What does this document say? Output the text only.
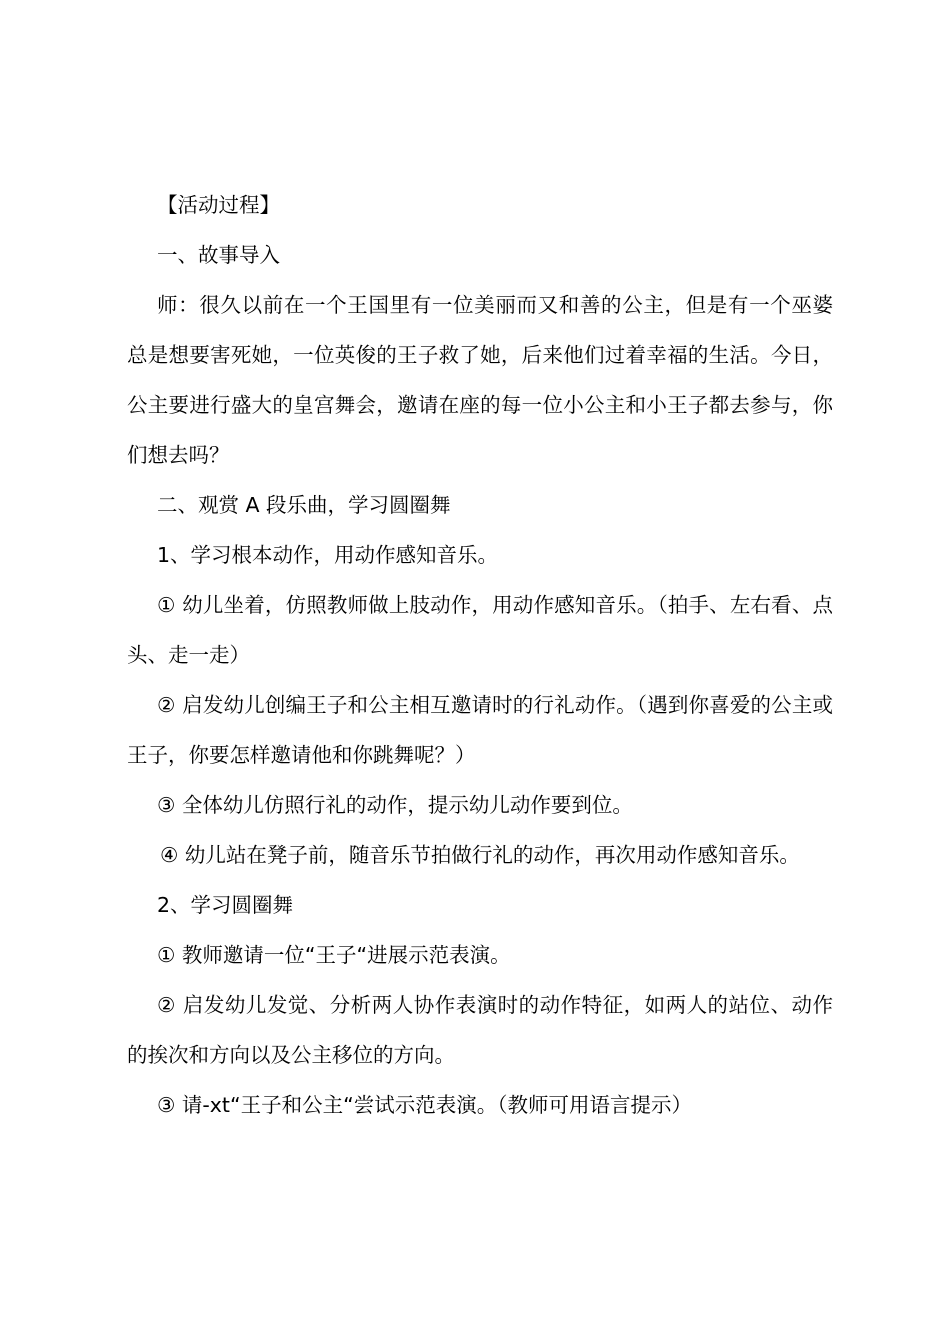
【活动过程】

一、故事导入

师：很久以前在一个王国里有一位美丽而又和善的公主，但是有一个巫婆总是想要害死她，一位英俊的王子救了她，后来他们过着幸福的生活。今日，公主要进行盛大的皇宫舞会，邀请在座的每一位小公主和小王子都去参与，你们想去吗？

二、观赏 A 段乐曲，学习圆圈舞

1、学习根本动作，用动作感知音乐。

① 幼儿坐着，仿照教师做上肢动作，用动作感知音乐。（拍手、左右看、点头、走一走）

② 启发幼儿创编王子和公主相互邀请时的行礼动作。（遇到你喜爱的公主或王子，你要怎样邀请他和你跳舞呢？）

③ 全体幼儿仿照行礼的动作，提示幼儿动作要到位。

④ 幼儿站在凳子前，随音乐节拍做行礼的动作，再次用动作感知音乐。

2、学习圆圈舞

① 教师邀请一位“王子“进展示范表演。

② 启发幼儿发觉、分析两人协作表演时的动作特征，如两人的站位、动作的挨次和方向以及公主移位的方向。

③ 请-xt“王子和公主“尝试示范表演。（教师可用语言提示）
